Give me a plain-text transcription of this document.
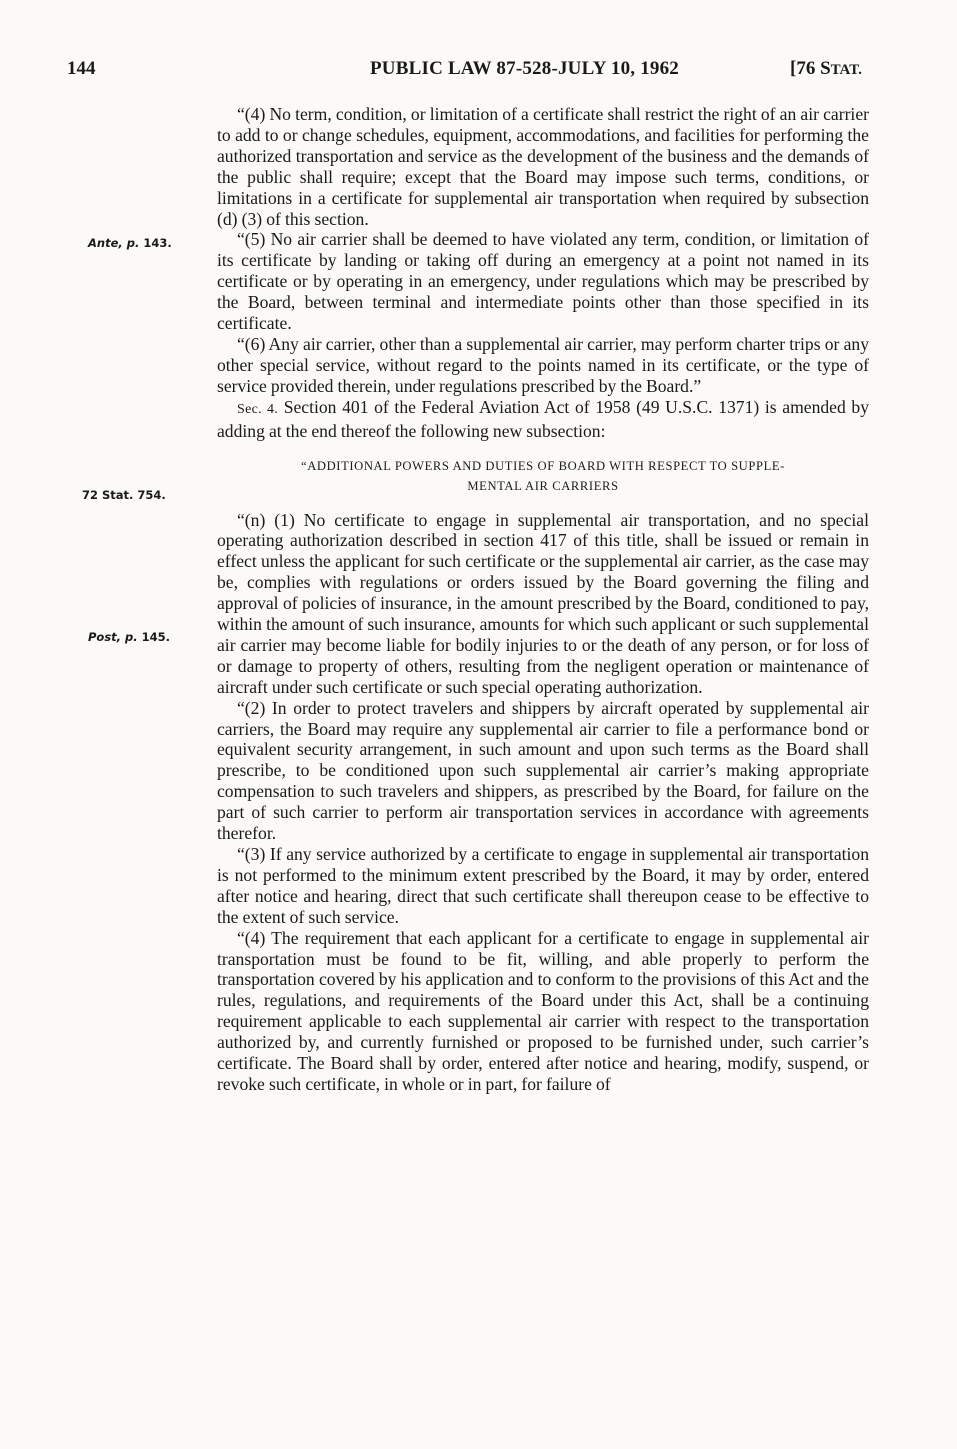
144	PUBLIC LAW 87-528-JULY 10, 1962	[76 STAT.
Ante, p. 143.
72 Stat. 754.
Post, p. 145.

“(4) No term, condition, or limitation of a certificate shall restrict the right of an air carrier to add to or change schedules, equipment, accommodations, and facilities for performing the authorized transportation and service as the development of the business and the demands of the public shall require; except that the Board may impose such terms, conditions, or limitations in a certificate for supplemental air transportation when required by subsection (d) (3) of this section.

“(5) No air carrier shall be deemed to have violated any term, condition, or limitation of its certificate by landing or taking off during an emergency at a point not named in its certificate or by operating in an emergency, under regulations which may be prescribed by the Board, between terminal and intermediate points other than those specified in its certificate.

“(6) Any air carrier, other than a supplemental air carrier, may perform charter trips or any other special service, without regard to the points named in its certificate, or the type of service provided therein, under regulations prescribed by the Board.”

Sec. 4. Section 401 of the Federal Aviation Act of 1958 (49 U.S.C. 1371) is amended by adding at the end thereof the following new subsection:

“ADDITIONAL POWERS AND DUTIES OF BOARD WITH RESPECT TO SUPPLE-
MENTAL AIR CARRIERS

“(n) (1) No certificate to engage in supplemental air transportation, and no special operating authorization described in section 417 of this title, shall be issued or remain in effect unless the applicant for such certificate or the supplemental air carrier, as the case may be, complies with regulations or orders issued by the Board governing the filing and approval of policies of insurance, in the amount prescribed by the Board, conditioned to pay, within the amount of such insurance, amounts for which such applicant or such supplemental air carrier may become liable for bodily injuries to or the death of any person, or for loss of or damage to property of others, resulting from the negligent operation or maintenance of aircraft under such certificate or such special operating authorization.

“(2) In order to protect travelers and shippers by aircraft operated by supplemental air carriers, the Board may require any supplemental air carrier to file a performance bond or equivalent security arrangement, in such amount and upon such terms as the Board shall prescribe, to be conditioned upon such supplemental air carrier’s making appropriate compensation to such travelers and shippers, as prescribed by the Board, for failure on the part of such carrier to perform air transportation services in accordance with agreements therefor.

“(3) If any service authorized by a certificate to engage in supplemental air transportation is not performed to the minimum extent prescribed by the Board, it may by order, entered after notice and hearing, direct that such certificate shall thereupon cease to be effective to the extent of such service.

“(4) The requirement that each applicant for a certificate to engage in supplemental air transportation must be found to be fit, willing, and able properly to perform the transportation covered by his application and to conform to the provisions of this Act and the rules, regulations, and requirements of the Board under this Act, shall be a continuing requirement applicable to each supplemental air carrier with respect to the transportation authorized by, and currently furnished or proposed to be furnished under, such carrier’s certificate. The Board shall by order, entered after notice and hearing, modify, suspend, or revoke such certificate, in whole or in part, for failure of
